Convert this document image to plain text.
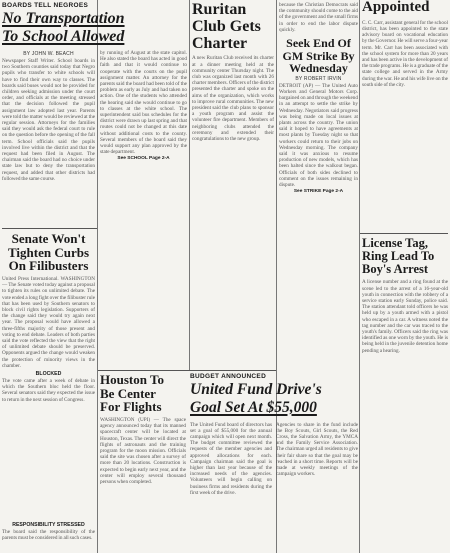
BOARDS TELL NEGROES
No Transportation
To School Allowed
BY JOHN W. BEACH

Newspaper Staff Writer. School boards in two Southern counties said today that Negro pupils who transfer to white schools will have to find their own way to classes. The boards said buses would not be provided for children seeking admission under the court order, and officials at the meeting stressed that the decision followed the pupil assignment law adopted last year. Parents were told the matter would be reviewed at the regular session. Attorneys for the families said they would ask the federal court to rule on the question before the opening of the fall term. School officials said the pupils involved live within the district and that the request had been filed in August. The chairman said the board had no choice under state law but to deny the transportation request, and added that other districts had followed the same course.

by running of August at the state capitol. He also stated the board has acted in good faith and that it would continue to cooperate with the courts on the pupil assignment matter. An attorney for the parents said the board had been told of the problem as early as July and had taken no action. One of the students who attended the hearing said she would continue to go to classes at the white school. The superintendent said bus schedules for the district were drawn up last spring and that routes could not be changed at this date without additional costs to the county. Several members of the board said they would support any plan approved by the state department.

See SCHOOL Page 2-A
Senate Won't
Tighten Curbs
On Filibusters

United Press International. WASHINGTON — The Senate voted today against a proposal to tighten its rules on unlimited debate. The vote ended a long fight over the filibuster rule that has been used by Southern senators to block civil rights legislation. Supporters of the change said they would try again next year. The proposal would have allowed a three-fifths majority of those present and voting to end debate. Leaders of both parties said the vote reflected the view that the right of unlimited debate should be preserved. Opponents argued the change would weaken the protection of minority views in the chamber.

BLOCKED

The vote came after a week of debate in which the Southern bloc held the floor. Several senators said they expected the issue to return in the next session of Congress.

Ruritan
Club Gets
Charter

A new Ruritan Club received its charter at a dinner meeting held at the community center Thursday night. The club was organized last month with 26 charter members. Officers of the district presented the charter and spoke on the aims of the organization, which works to improve rural communities. The new president said the club plans to sponsor a youth program and assist the volunteer fire department. Members of neighboring clubs attended the ceremony and extended their congratulations to the new group.

because the Christian Democrats said the community should come to the aid of the government and the small firms in order to end the labor dispute quickly.

Seek End Of
GM Strike By
Wednesday
BY ROBERT IRVIN

DETROIT (AP) — The United Auto Workers and General Motors Corp. bargained on and through the weekend in an attempt to settle the strike by Wednesday. Negotiators said progress was being made on local issues at plants across the country. The union said it hoped to have agreements at most plants by Tuesday night so that workers could return to their jobs on Wednesday morning. The company said it was anxious to resume production of new models, which has been halted since the walkout began. Officials of both sides declined to comment on the issues remaining in dispute.

See STRIKE Page 2-A
Appointed

C. C. Carr, assistant general for the school district, has been appointed to the state advisory board on vocational education by the Governor. He will serve a four-year term. Mr. Carr has been associated with the school system for more than 20 years and has been active in the development of the trade programs. He is a graduate of the state college and served in the Army during the war. He and his wife live on the south side of the city.

License Tag,
Ring Lead To
Boy's Arrest

A license number and a ring found at the scene led to the arrest of a 16-year-old youth in connection with the robbery of a service station early Sunday, police said. The station attendant told officers he was held up by a youth armed with a pistol who escaped in a car. A witness noted the tag number and the car was traced to the youth's family. Officers said the ring was identified as one worn by the youth. He is being held in the juvenile detention home pending a hearing.

Houston To
Be Center
For Flights

WASHINGTON (UPI) — The space agency announced today that its manned spacecraft center will be located at Houston, Texas. The center will direct the flights of astronauts and the training program for the moon mission. Officials said the site was chosen after a survey of more than 20 locations. Construction is expected to begin early next year, and the center will employ several thousand persons when completed.

BUDGET ANNOUNCED
United Fund Drive's
Goal Set At $55,000

The United Fund board of directors has set a goal of $55,000 for the annual campaign which will open next month. The budget committee reviewed the requests of the member agencies and approved allocations for each. Campaign chairman said the goal is higher than last year because of the increased needs of the agencies. Volunteers will begin calling on business firms and residents during the first week of the drive.

Agencies to share in the fund include the Boy Scouts, Girl Scouts, the Red Cross, the Salvation Army, the YMCA and the Family Service Association. The chairman urged all residents to give their fair share so that the goal may be reached in a short time. Reports will be made at weekly meetings of the campaign workers.

RESPONSIBILITY STRESSED

The board said the responsibility of the parents must be considered in all such cases.
